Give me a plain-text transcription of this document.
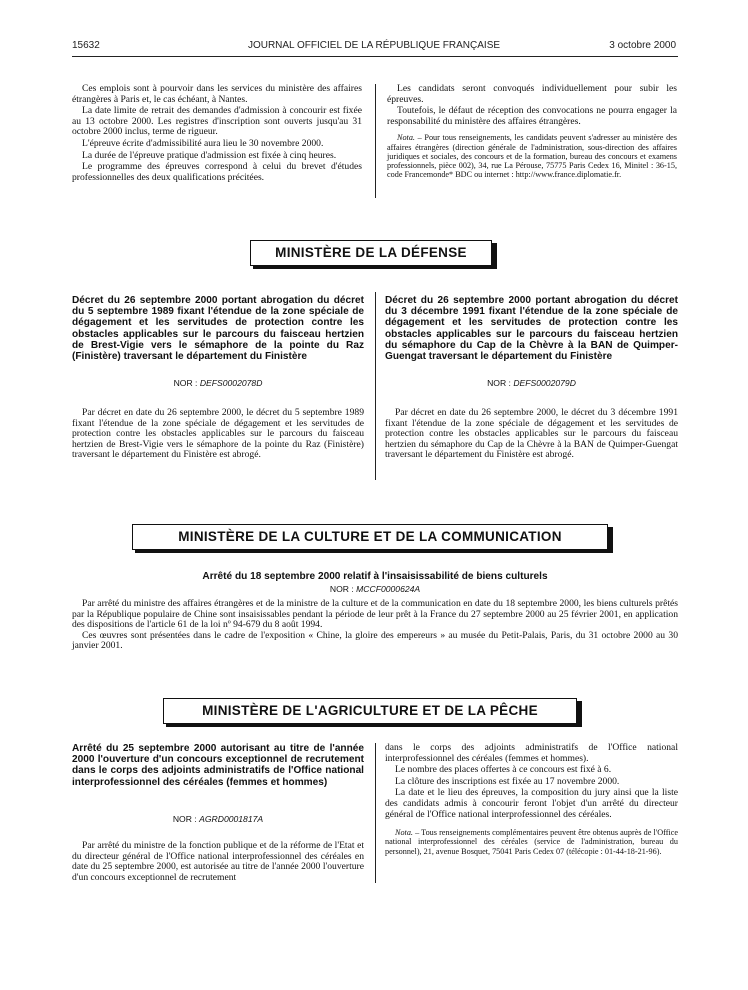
15632	JOURNAL OFFICIEL DE LA RÉPUBLIQUE FRANÇAISE	3 octobre 2000

Ces emplois sont à pourvoir dans les services du ministère des affaires étrangères à Paris et, le cas échéant, à Nantes.

La date limite de retrait des demandes d'admission à concourir est fixée au 13 octobre 2000. Les registres d'inscription sont ouverts jusqu'au 31 octobre 2000 inclus, terme de rigueur.

L'épreuve écrite d'admissibilité aura lieu le 30 novembre 2000.

La durée de l'épreuve pratique d'admission est fixée à cinq heures.

Le programme des épreuves correspond à celui du brevet d'études professionnelles des deux qualifications précitées.

Les candidats seront convoqués individuellement pour subir les épreuves.

Toutefois, le défaut de réception des convocations ne pourra engager la responsabilité du ministère des affaires étrangères.

Nota. – Pour tous renseignements, les candidats peuvent s'adresser au ministère des affaires étrangères (direction générale de l'administration, sous-direction des affaires juridiques et sociales, des concours et de la formation, bureau des concours et examens professionnels, pièce 002), 34, rue La Pérouse, 75775 Paris Cedex 16, Minitel : 36-15, code Francemonde* BDC ou internet : http://www.france.diplomatie.fr.

MINISTÈRE DE LA DÉFENSE
Décret du 26 septembre 2000 portant abrogation du décret du 5 septembre 1989 fixant l'étendue de la zone spéciale de dégagement et les servitudes de protection contre les obstacles applicables sur le parcours du faisceau hertzien de Brest-Vigie vers le sémaphore de la pointe du Raz (Finistère) traversant le département du Finistère
NOR : DEFS0002078D

Par décret en date du 26 septembre 2000, le décret du 5 septembre 1989 fixant l'étendue de la zone spéciale de dégagement et les servitudes de protection contre les obstacles applicables sur le parcours du faisceau hertzien de Brest-Vigie vers le sémaphore de la pointe du Raz (Finistère) traversant le département du Finistère est abrogé.

Décret du 26 septembre 2000 portant abrogation du décret du 3 décembre 1991 fixant l'étendue de la zone spéciale de dégagement et les servitudes de protection contre les obstacles applicables sur le parcours du faisceau hertzien du sémaphore du Cap de la Chèvre à la BAN de Quimper-Guengat traversant le département du Finistère
NOR : DEFS0002079D

Par décret en date du 26 septembre 2000, le décret du 3 décembre 1991 fixant l'étendue de la zone spéciale de dégagement et les servitudes de protection contre les obstacles applicables sur le parcours du faisceau hertzien du sémaphore du Cap de la Chèvre à la BAN de Quimper-Guengat traversant le département du Finistère est abrogé.

MINISTÈRE DE LA CULTURE ET DE LA COMMUNICATION
Arrêté du 18 septembre 2000 relatif à l'insaisissabilité de biens culturels
NOR : MCCF0000624A

Par arrêté du ministre des affaires étrangères et de la ministre de la culture et de la communication en date du 18 septembre 2000, les biens culturels prêtés par la République populaire de Chine sont insaisissables pendant la période de leur prêt à la France du 27 septembre 2000 au 25 février 2001, en application des dispositions de l'article 61 de la loi nº 94-679 du 8 août 1994.

Ces œuvres sont présentées dans le cadre de l'exposition « Chine, la gloire des empereurs » au musée du Petit-Palais, Paris, du 31 octobre 2000 au 30 janvier 2001.

MINISTÈRE DE L'AGRICULTURE ET DE LA PÊCHE
Arrêté du 25 septembre 2000 autorisant au titre de l'année 2000 l'ouverture d'un concours exceptionnel de recrutement dans le corps des adjoints administratifs de l'Office national interprofessionnel des céréales (femmes et hommes)
NOR : AGRD0001817A

Par arrêté du ministre de la fonction publique et de la réforme de l'Etat et du directeur général de l'Office national interprofessionnel des céréales en date du 25 septembre 2000, est autorisée au titre de l'année 2000 l'ouverture d'un concours exceptionnel de recrutement

dans le corps des adjoints administratifs de l'Office national interprofessionnel des céréales (femmes et hommes).

Le nombre des places offertes à ce concours est fixé à 6.

La clôture des inscriptions est fixée au 17 novembre 2000.

La date et le lieu des épreuves, la composition du jury ainsi que la liste des candidats admis à concourir feront l'objet d'un arrêté du directeur général de l'Office national interprofessionnel des céréales.

Nota. – Tous renseignements complémentaires peuvent être obtenus auprès de l'Office national interprofessionnel des céréales (service de l'administration, bureau du personnel), 21, avenue Bosquet, 75041 Paris Cedex 07 (télécopie : 01-44-18-21-96).
